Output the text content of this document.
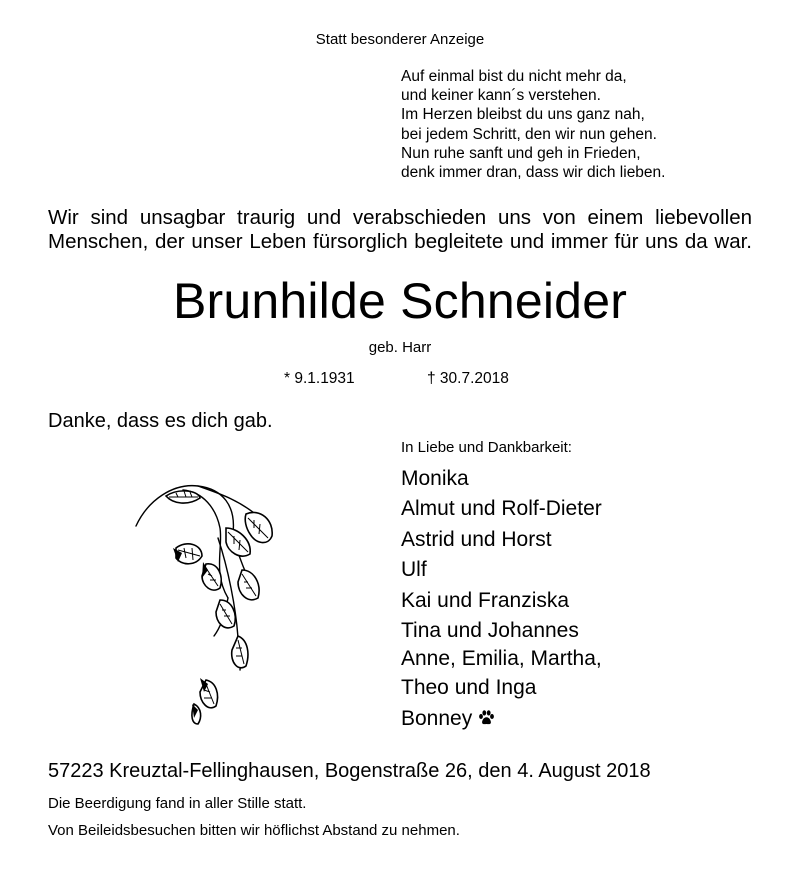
Statt besonderer Anzeige
Auf einmal bist du nicht mehr da,
und keiner kann´s verstehen.
Im Herzen bleibst du uns ganz nah,
bei jedem Schritt, den wir nun gehen.
Nun ruhe sanft und geh in Frieden,
denk immer dran, dass wir dich lieben.
Wir sind unsagbar traurig und verabschieden uns von einem liebevollen
Menschen, der unser Leben fürsorglich begleitete und immer für uns da war.
Brunhilde Schneider
geb. Harr
* 9.1.1931	† 30.7.2018
Danke, dass es dich gab.
In Liebe und Dankbarkeit:
Monika
Almut und Rolf-Dieter
Astrid und Horst
Ulf
Kai und Franziska
Tina und Johannes
Anne, Emilia, Martha,
Theo und Inga
Bonney
57223 Kreuztal-Fellinghausen, Bogenstraße 26, den 4. August 2018
Die Beerdigung fand in aller Stille statt.
Von Beileidsbesuchen bitten wir höflichst Abstand zu nehmen.
